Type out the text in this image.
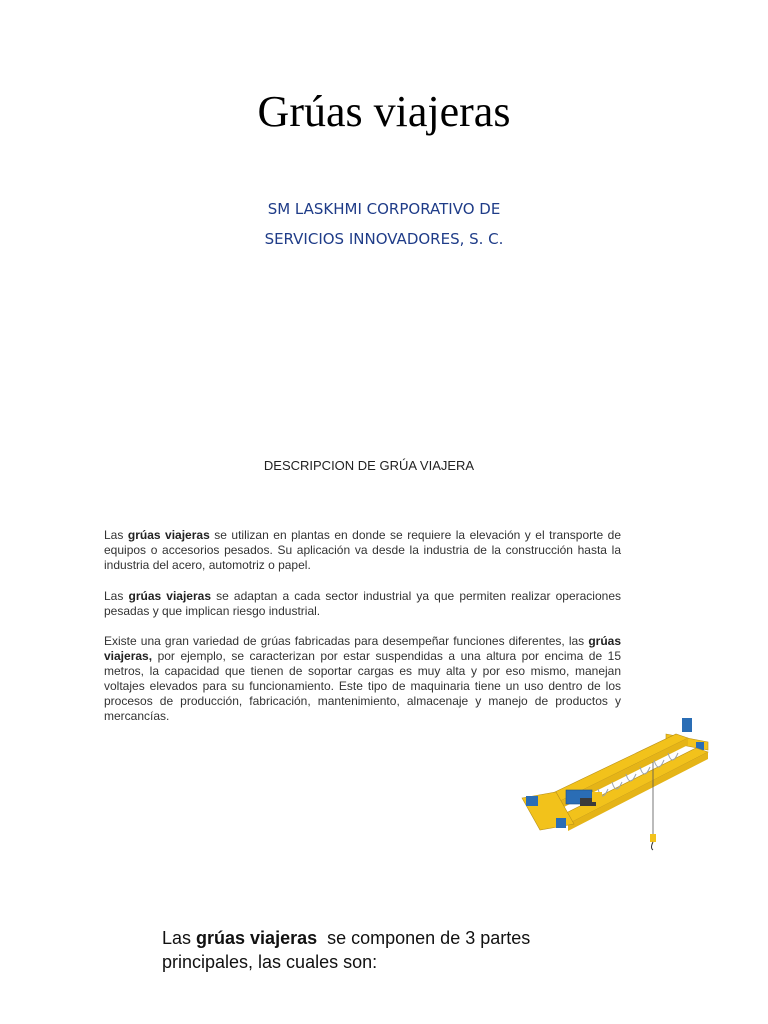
Grúas viajeras
SM LASKHMI CORPORATIVO DE
SERVICIOS INNOVADORES, S. C.
DESCRIPCION DE GRÚA VIAJERA

Las grúas viajeras se utilizan en plantas en donde se requiere la elevación y el transporte de equipos o accesorios pesados. Su aplicación va desde la industria de la construcción hasta la industria del acero, automotriz o papel.

Las grúas viajeras se adaptan a cada sector industrial ya que permiten realizar operaciones pesadas y que implican riesgo industrial.

Existe una gran variedad de grúas fabricadas para desempeñar funciones diferentes, las grúas viajeras, por ejemplo, se caracterizan por estar suspendidas a una altura por encima de 15 metros, la capacidad que tienen de soportar cargas es muy alta y por eso mismo, manejan voltajes elevados para su funcionamiento. Este tipo de maquinaria tiene un uso dentro de los procesos de producción, fabricación, mantenimiento, almacenaje y manejo de productos y mercancías.

Las grúas viajeras  se componen de 3 partes principales, las cuales son:
